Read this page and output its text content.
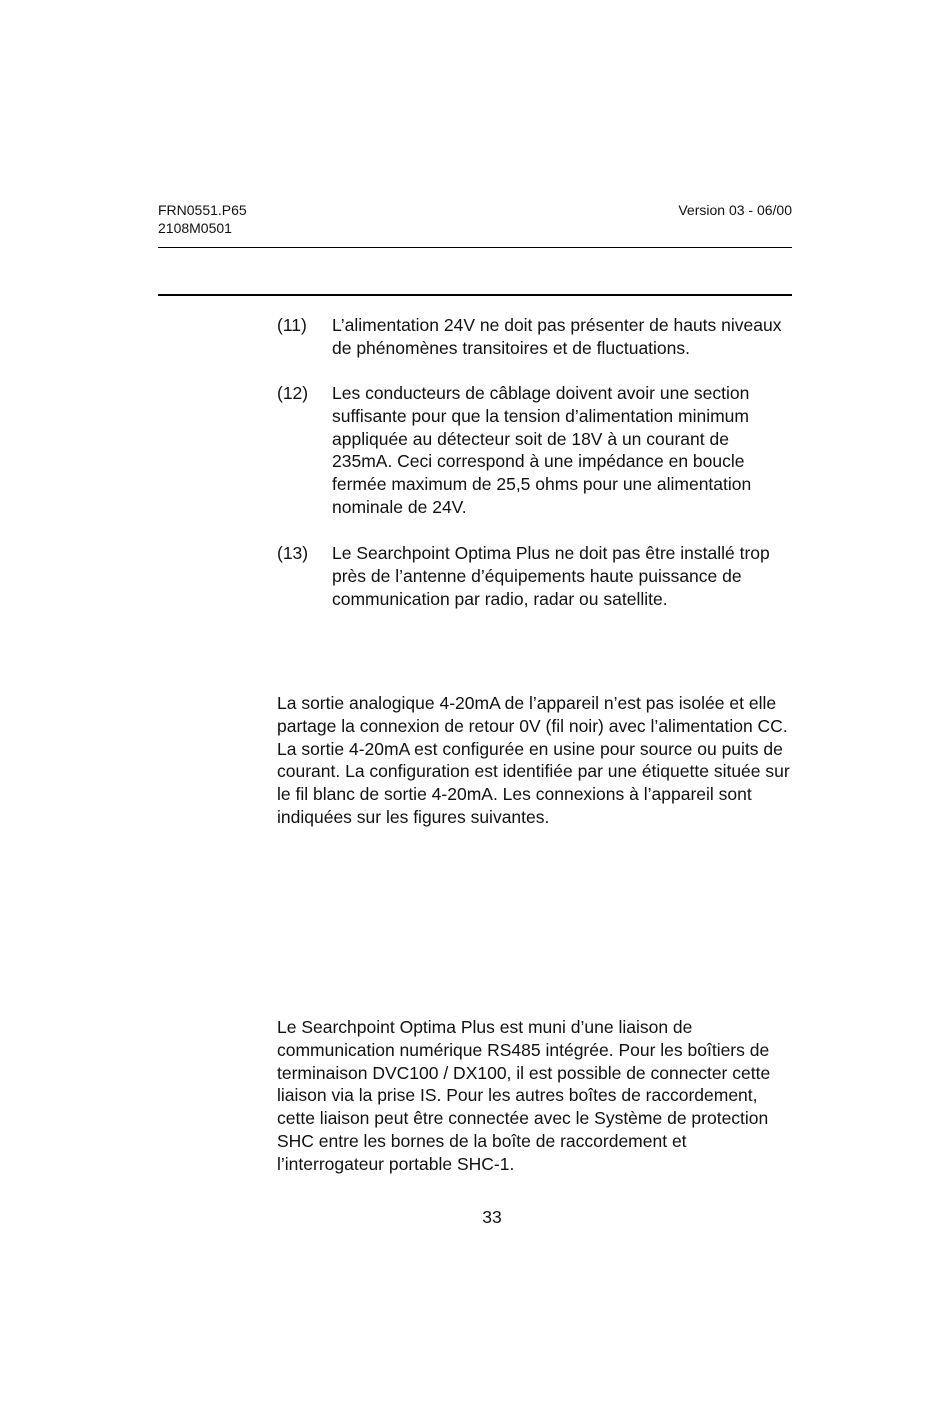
FRN0551.P65
2108M0501
Version 03 - 06/00
(11) L’alimentation 24V ne doit pas présenter de hauts niveaux de phénomènes transitoires et de fluctuations.
(12) Les conducteurs de câblage doivent avoir une section suffisante pour que la tension d’alimentation minimum appliquée au détecteur soit de 18V à un courant de 235mA. Ceci correspond à une impédance en boucle fermée maximum de 25,5 ohms pour une alimentation nominale de 24V.
(13) Le Searchpoint Optima Plus ne doit pas être installé trop près de l’antenne d’équipements haute puissance de communication par radio, radar ou satellite.
La sortie analogique 4-20mA de l’appareil n’est pas isolée et elle partage la connexion de retour 0V (fil noir) avec l’alimentation CC. La sortie 4-20mA est configurée en usine pour source ou puits de courant. La configuration est identifiée par une étiquette située sur le fil blanc de sortie 4-20mA. Les connexions à l’appareil sont indiquées sur les figures suivantes.
Le Searchpoint Optima Plus est muni d’une liaison de communication numérique RS485 intégrée. Pour les boîtiers de terminaison DVC100 / DX100, il est possible de connecter cette liaison via la prise IS. Pour les autres boîtes de raccordement, cette liaison peut être connectée avec le Système de protection SHC entre les bornes de la boîte de raccordement et l’interrogateur portable SHC-1.
33
